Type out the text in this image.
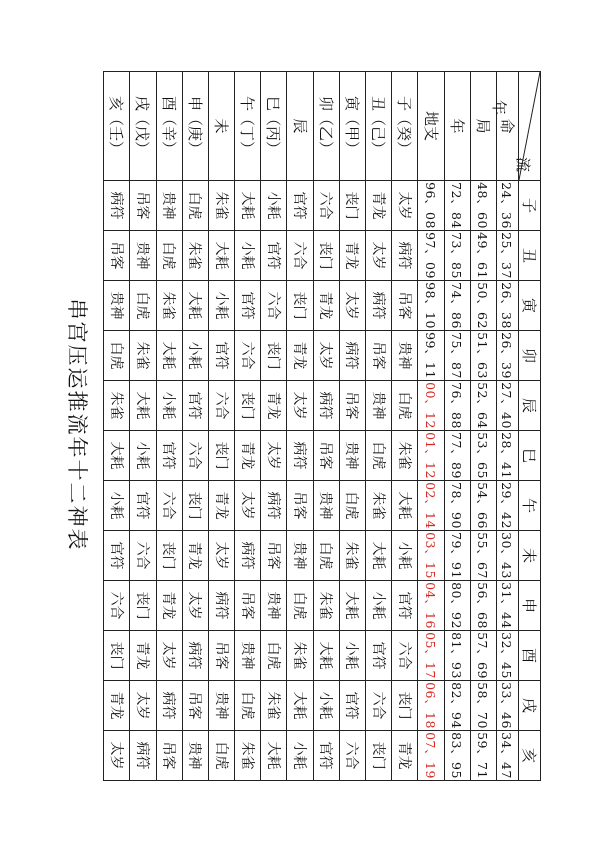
串宫压运推流年十二神表
流
年	子	丑	寅	卯	辰	巳	午	未	申	酉	戌	亥
命	24、36	25、37	26、38	26、39	27、40	28、41	29、42	30、43	31、44	32、45	33、46	34、47
局	48、60	49、61	50、62	51、63	52、64	53、65	54、66	55、67	56、68	57、69	58、70	59、71
年	72、84	73、85	74、86	75、87	76、88	77、89	78、90	79、91	80、92	81、93	82、94	83、95
地支	96、08	97、09	98、10	99、11	00、12	01、12	02、14	03、15	04、16	05、17	06、18	07、19
子（癸）	太岁	病符	吊客	贵神	白虎	朱雀	大耗	小耗	官符	六合	丧门	青龙
丑（己）	青龙	太岁	病符	吊客	贵神	白虎	朱雀	大耗	小耗	官符	六合	丧门
寅（甲）	丧门	青龙	太岁	病符	吊客	贵神	白虎	朱雀	大耗	小耗	官符	六合
卯（乙）	六合	丧门	青龙	太岁	病符	吊客	贵神	白虎	朱雀	大耗	小耗	官符
辰	官符	六合	丧门	青龙	太岁	病符	吊客	贵神	白虎	朱雀	大耗	小耗
巳（丙）	小耗	官符	六合	丧门	青龙	太岁	病符	吊客	贵神	白虎	朱雀	大耗
午（丁）	大耗	小耗	官符	六合	丧门	青龙	太岁	病符	吊客	贵神	白虎	朱雀
未	朱雀	大耗	小耗	官符	六合	丧门	青龙	太岁	病符	吊客	贵神	白虎
申（庚）	白虎	朱雀	大耗	小耗	官符	六合	丧门	青龙	太岁	病符	吊客	贵神
酉（辛）	贵神	白虎	朱雀	大耗	小耗	官符	六合	丧门	青龙	太岁	病符	吊客
戌（戊）	吊客	贵神	白虎	朱雀	大耗	小耗	官符	六合	丧门	青龙	太岁	病符
亥（壬）	病符	吊客	贵神	白虎	朱雀	大耗	小耗	官符	六合	丧门	青龙	太岁
